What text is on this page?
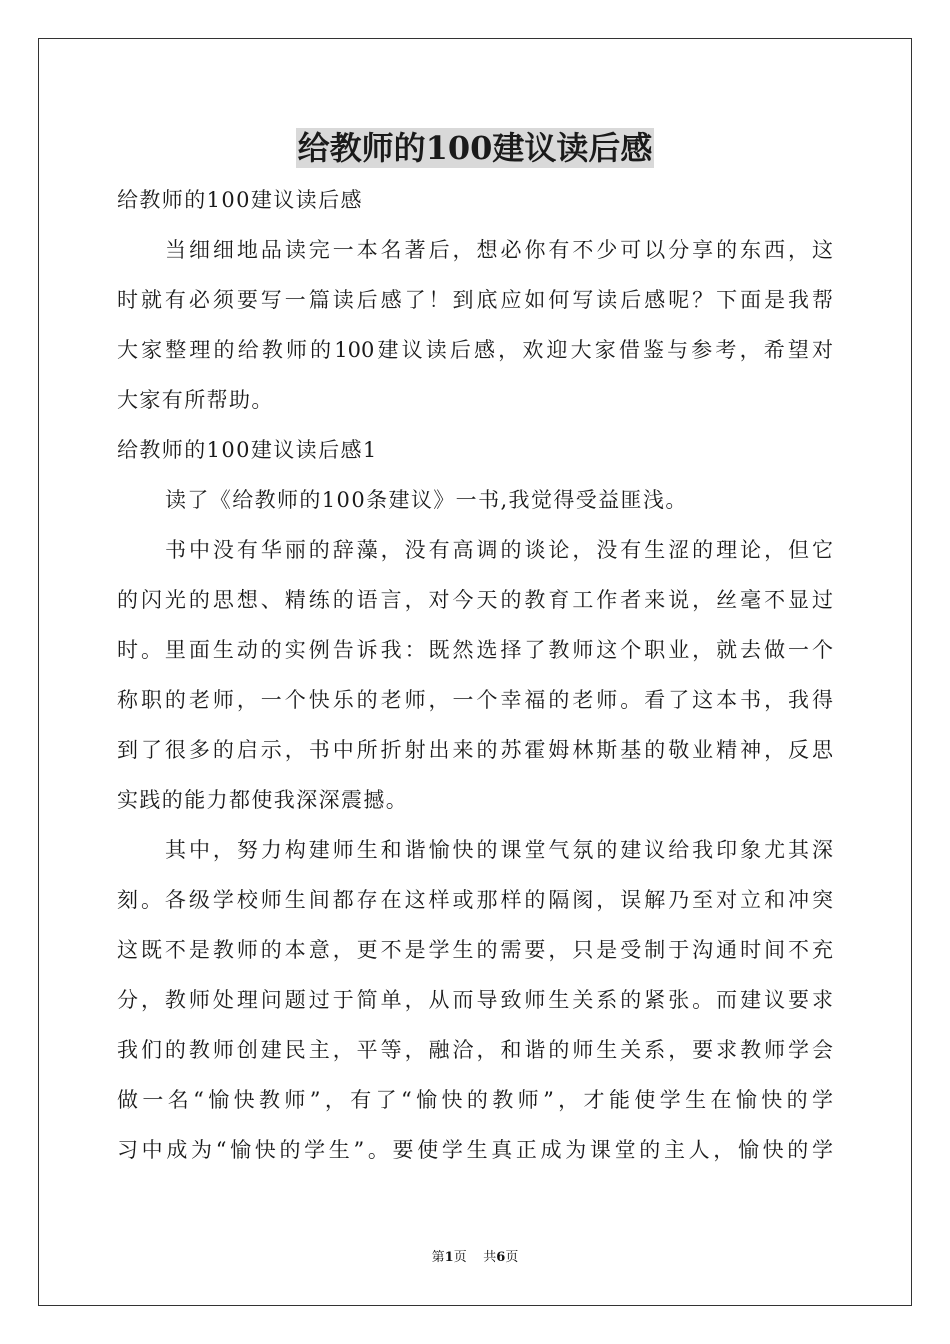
给教师的100建议读后感
给教师的100建议读后感
当细细地品读完一本名著后，想必你有不少可以分享的东西，这
时就有必须要写一篇读后感了！到底应如何写读后感呢？下面是我帮
大家整理的给教师的100建议读后感，欢迎大家借鉴与参考，希望对
大家有所帮助。
给教师的100建议读后感1
读了《给教师的100条建议》一书,我觉得受益匪浅。
书中没有华丽的辞藻，没有高调的谈论，没有生涩的理论，但它
的闪光的思想、精练的语言，对今天的教育工作者来说，丝毫不显过
时。里面生动的实例告诉我：既然选择了教师这个职业，就去做一个
称职的老师，一个快乐的老师，一个幸福的老师。看了这本书，我得
到了很多的启示，书中所折射出来的苏霍姆林斯基的敬业精神，反思
实践的能力都使我深深震撼。
其中，努力构建师生和谐愉快的课堂气氛的建议给我印象尤其深
刻。各级学校师生间都存在这样或那样的隔阂，误解乃至对立和冲突
这既不是教师的本意，更不是学生的需要，只是受制于沟通时间不充
分，教师处理问题过于简单，从而导致师生关系的紧张。而建议要求
我们的教师创建民主，平等，融洽，和谐的师生关系，要求教师学会
做一名“愉快教师”，有了“愉快的教师”，才能使学生在愉快的学
习中成为“愉快的学生”。要使学生真正成为课堂的主人，愉快的学
第1页 共6页
